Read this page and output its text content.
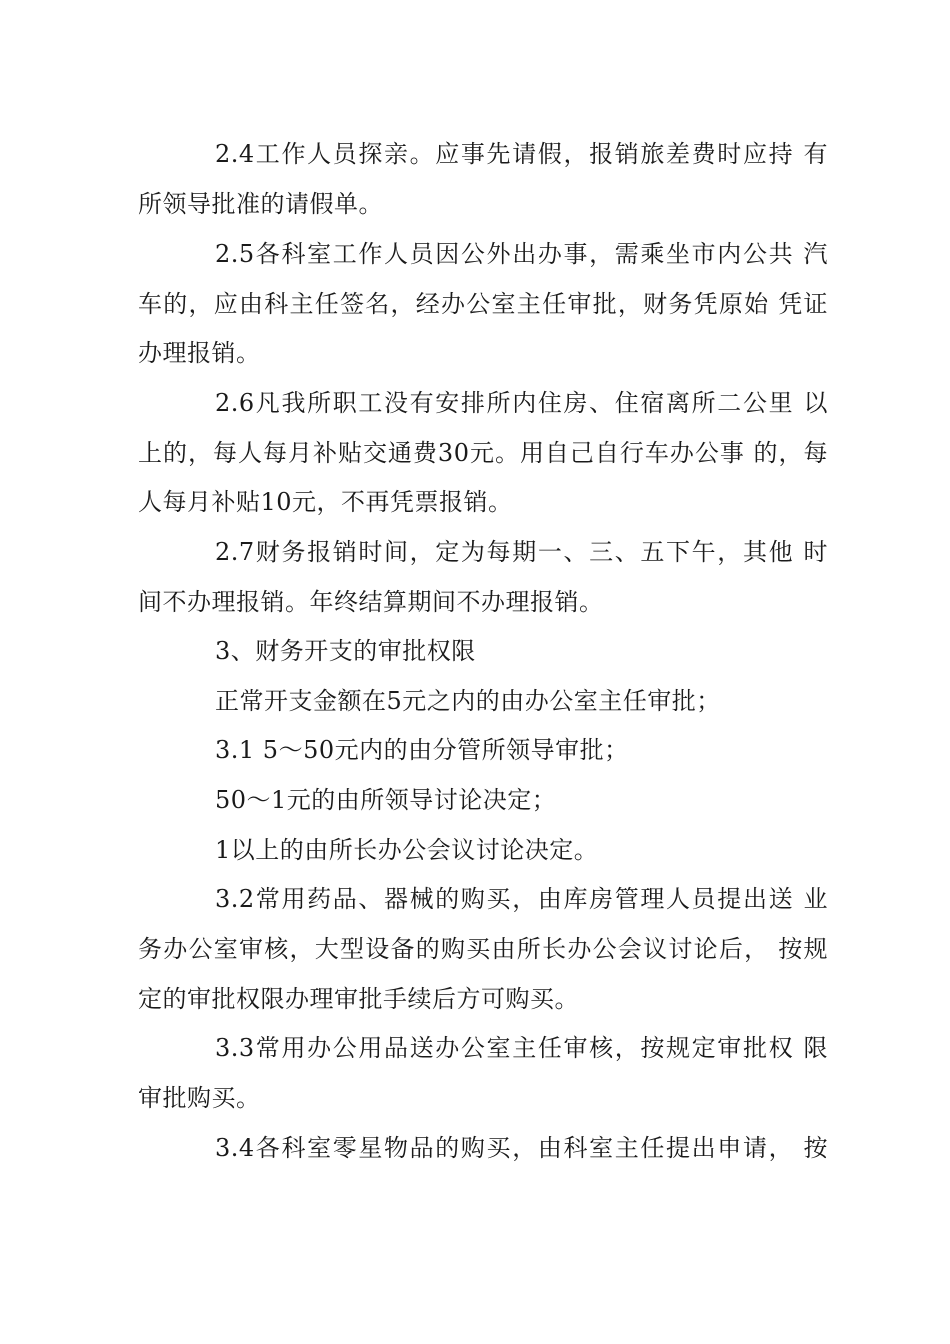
2.4工作人员探亲。应事先请假，报销旅差费时应持 有
所领导批准的请假单。
2.5各科室工作人员因公外出办事，需乘坐市内公共 汽
车的，应由科主任签名，经办公室主任审批，财务凭原始 凭证
办理报销。
2.6凡我所职工没有安排所内住房、住宿离所二公里 以
上的，每人每月补贴交通费30元。用自己自行车办公事 的，每
人每月补贴10元，不再凭票报销。
2.7财务报销时间，定为每期一、三、五下午，其他 时
间不办理报销。年终结算期间不办理报销。
3、财务开支的审批权限
正常开支金额在5元之内的由办公室主任审批；
3.1 5〜50元内的由分管所领导审批；
50〜1元的由所领导讨论决定；
1以上的由所长办公会议讨论决定。
3.2常用药品、器械的购买，由库房管理人员提出送 业
务办公室审核，大型设备的购买由所长办公会议讨论后， 按规
定的审批权限办理审批手续后方可购买。
3.3常用办公用品送办公室主任审核，按规定审批权 限
审批购买。
3.4各科室零星物品的购买，由科室主任提出申请， 按
